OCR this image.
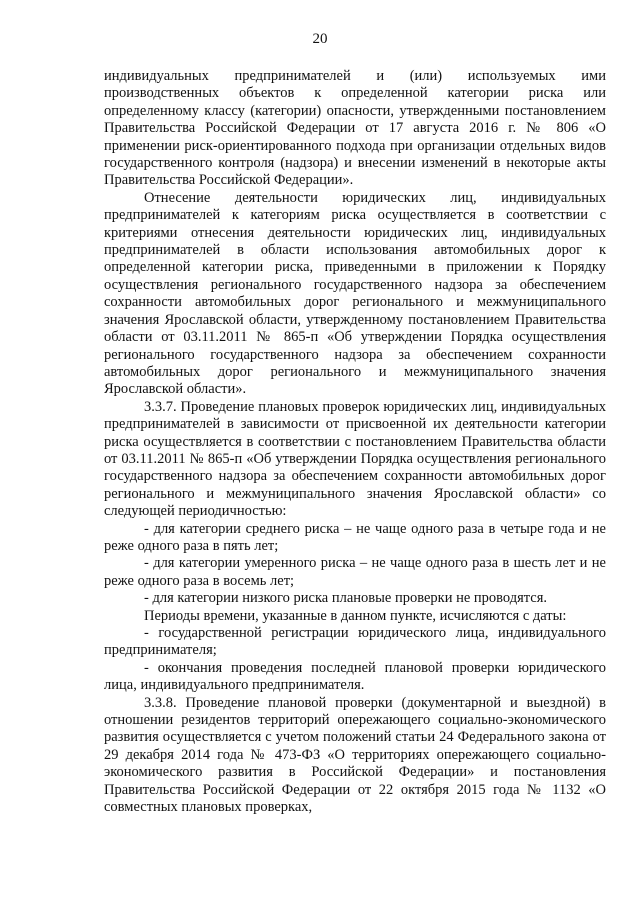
20

индивидуальных предпринимателей и (или) используемых ими производственных объектов к определенной категории риска или определенному классу (категории) опасности, утвержденными постановлением Правительства Российской Федерации от 17 августа 2016 г. № 806 «О применении риск-ориентированного подхода при организации отдельных видов государственного контроля (надзора) и внесении изменений в некоторые акты Правительства Российской Федерации».

Отнесение деятельности юридических лиц, индивидуальных предпринимателей к категориям риска осуществляется в соответствии с критериями отнесения деятельности юридических лиц, индивидуальных предпринимателей в области использования автомобильных дорог к определенной категории риска, приведенными в приложении к Порядку осуществления регионального государственного надзора за обеспечением сохранности автомобильных дорог регионального и межмуниципального значения Ярославской области, утвержденному постановлением Правительства области от 03.11.2011 № 865-п «Об утверждении Порядка осуществления регионального государственного надзора за обеспечением сохранности автомобильных дорог регионального и межмуниципального значения Ярославской области».

3.3.7. Проведение плановых проверок юридических лиц, индивидуальных предпринимателей в зависимости от присвоенной их деятельности категории риска осуществляется в соответствии с постановлением Правительства области от 03.11.2011 № 865-п «Об утверждении Порядка осуществления регионального государственного надзора за обеспечением сохранности автомобильных дорог регионального и межмуниципального значения Ярославской области» со следующей периодичностью:

- для категории среднего риска – не чаще одного раза в четыре года и не реже одного раза в пять лет;

- для категории умеренного риска – не чаще одного раза в шесть лет и не реже одного раза в восемь лет;

- для категории низкого риска плановые проверки не проводятся.

Периоды времени, указанные в данном пункте, исчисляются с даты:

- государственной регистрации юридического лица, индивидуального предпринимателя;

- окончания проведения последней плановой проверки юридического лица, индивидуального предпринимателя.

3.3.8. Проведение плановой проверки (документарной и выездной) в отношении резидентов территорий опережающего социально-экономического развития осуществляется с учетом положений статьи 24 Федерального закона от 29 декабря 2014 года № 473-ФЗ «О территориях опережающего социально-экономического развития в Российской Федерации» и постановления Правительства Российской Федерации от 22 октября 2015 года № 1132 «О совместных плановых проверках,
